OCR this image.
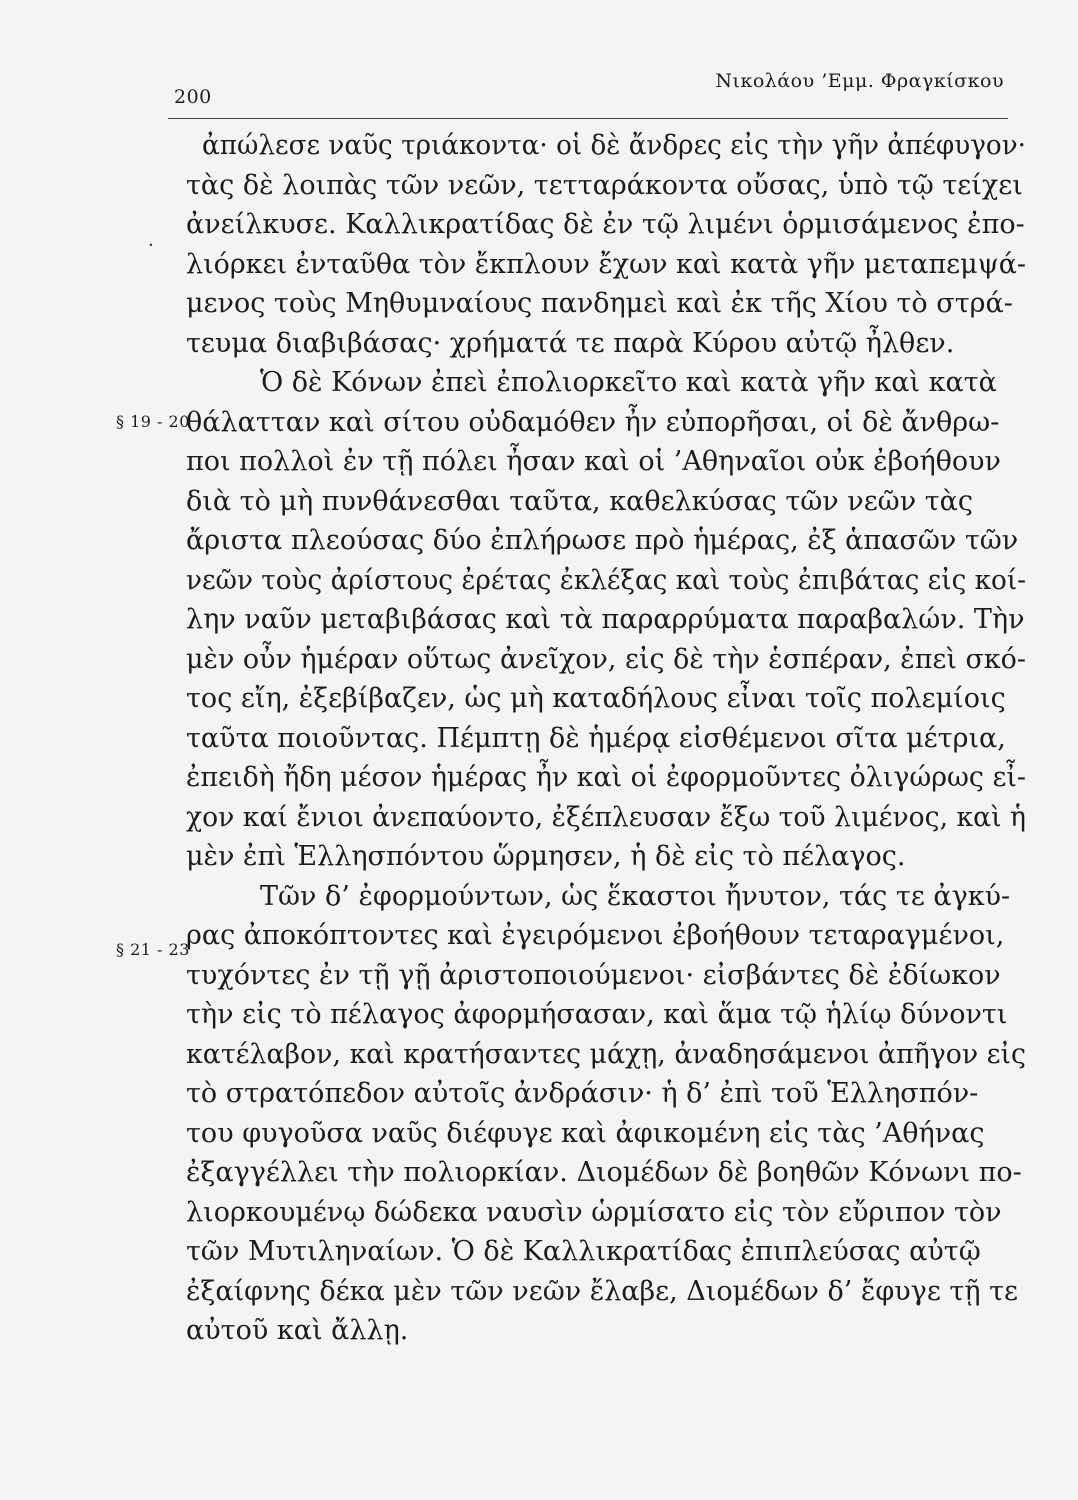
200
Νικολάου ’Εμμ. Φραγκίσκου
·
§ 19 - 20
§ 21 - 23
ἀπώλεσε ναῦς τριάκοντα· οἱ δὲ ἄνδρες εἰς τὴν γῆν ἀπέφυγον·
τὰς δὲ λοιπὰς τῶν νεῶν, τετταράκοντα οὔσας, ὑπὸ τῷ τείχει
ἀνείλκυσε. Καλλικρατίδας δὲ ἐν τῷ λιμένι ὁρμισάμενος ἐπο-
λιόρκει ἐνταῦθα τὸν ἔκπλουν ἔχων καὶ κατὰ γῆν μεταπεμψά-
μενος τοὺς Μηθυμναίους πανδημεὶ καὶ ἐκ τῆς Χίου τὸ στρά-
τευμα διαβιβάσας· χρήματά τε παρὰ Κύρου αὐτῷ ἦλθεν.
Ὁ δὲ Κόνων ἐπεὶ ἐπολιορκεῖτο καὶ κατὰ γῆν καὶ κατὰ
θάλατταν καὶ σίτου οὐδαμόθεν ἦν εὐπορῆσαι, οἱ δὲ ἄνθρω-
ποι πολλοὶ ἐν τῇ πόλει ἦσαν καὶ οἱ ’Αθηναῖοι οὐκ ἐβοήθουν
διὰ τὸ μὴ πυνθάνεσθαι ταῦτα, καθελκύσας τῶν νεῶν τὰς
ἄριστα πλεούσας δύο ἐπλήρωσε πρὸ ἡμέρας, ἐξ ἁπασῶν τῶν
νεῶν τοὺς ἀρίστους ἐρέτας ἐκλέξας καὶ τοὺς ἐπιβάτας εἰς κοί-
λην ναῦν μεταβιβάσας καὶ τὰ παραρρύματα παραβαλών. Τὴν
μὲν οὖν ἡμέραν οὕτως ἀνεῖχον, εἰς δὲ τὴν ἑσπέραν, ἐπεὶ σκό-
τος εἴη, ἐξεβίβαζεν, ὡς μὴ καταδήλους εἶναι τοῖς πολεμίοις
ταῦτα ποιοῦντας. Πέμπτῃ δὲ ἡμέρᾳ εἰσθέμενοι σῖτα μέτρια,
ἐπειδὴ ἤδη μέσον ἡμέρας ἦν καὶ οἱ ἐφορμοῦντες ὀλιγώρως εἶ-
χον καί ἔνιοι ἀνεπαύοντο, ἐξέπλευσαν ἔξω τοῦ λιμένος, καὶ ἡ
μὲν ἐπὶ Ἑλλησπόντου ὥρμησεν, ἡ δὲ εἰς τὸ πέλαγος.
Τῶν δ’ ἐφορμούντων, ὡς ἕκαστοι ἤνυτον, τάς τε ἀγκύ-
ρας ἀποκόπτοντες καὶ ἐγειρόμενοι ἐβοήθουν τεταραγμένοι,
τυχόντες ἐν τῇ γῇ ἀριστοποιούμενοι· εἰσβάντες δὲ ἐδίωκον
τὴν εἰς τὸ πέλαγος ἀφορμήσασαν, καὶ ἅμα τῷ ἡλίῳ δύνοντι
κατέλαβον, καὶ κρατήσαντες μάχῃ, ἀναδησάμενοι ἀπῆγον εἰς
τὸ στρατόπεδον αὐτοῖς ἀνδράσιν· ἡ δ’ ἐπὶ τοῦ Ἑλλησπόν-
του φυγοῦσα ναῦς διέφυγε καὶ ἀφικομένη εἰς τὰς ’Αθήνας
ἐξαγγέλλει τὴν πολιορκίαν. Διομέδων δὲ βοηθῶν Κόνωνι πο-
λιορκουμένῳ δώδεκα ναυσὶν ὡρμίσατο εἰς τὸν εὔριπον τὸν
τῶν Μυτιληναίων. Ὁ δὲ Καλλικρατίδας ἐπιπλεύσας αὐτῷ
ἐξαίφνης δέκα μὲν τῶν νεῶν ἔλαβε, Διομέδων δ’ ἔφυγε τῇ τε
αὐτοῦ καὶ ἄλλῃ.
